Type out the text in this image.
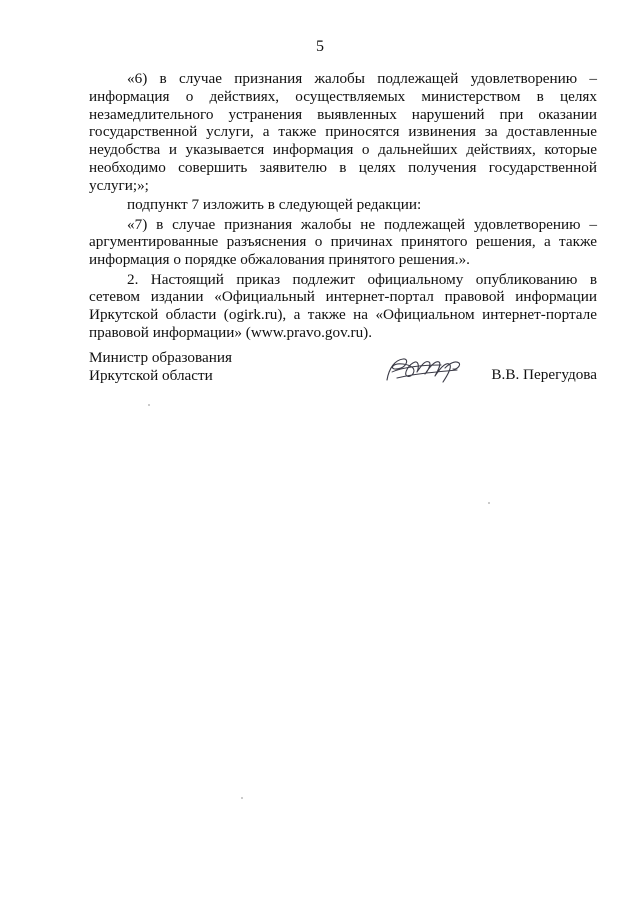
5

«6) в случае признания жалобы подлежащей удовлетворению – информация о действиях, осуществляемых министерством в целях незамедлительного устранения выявленных нарушений при оказании государственной услуги, а также приносятся извинения за доставленные неудобства и указывается информация о дальнейших действиях, которые необходимо совершить заявителю в целях получения государственной услуги;»;

подпункт 7 изложить в следующей редакции:

«7) в случае признания жалобы не подлежащей удовлетворению – аргументированные разъяснения о причинах принятого решения, а также информация о порядке обжалования принятого решения.».

2. Настоящий приказ подлежит официальному опубликованию в сетевом издании «Официальный интернет-портал правовой информации Иркутской области (ogirk.ru), а также на «Официальном интернет-портале правовой информации» (www.pravo.gov.ru).

Министр образования
Иркутской области	В.В. Перегудова
